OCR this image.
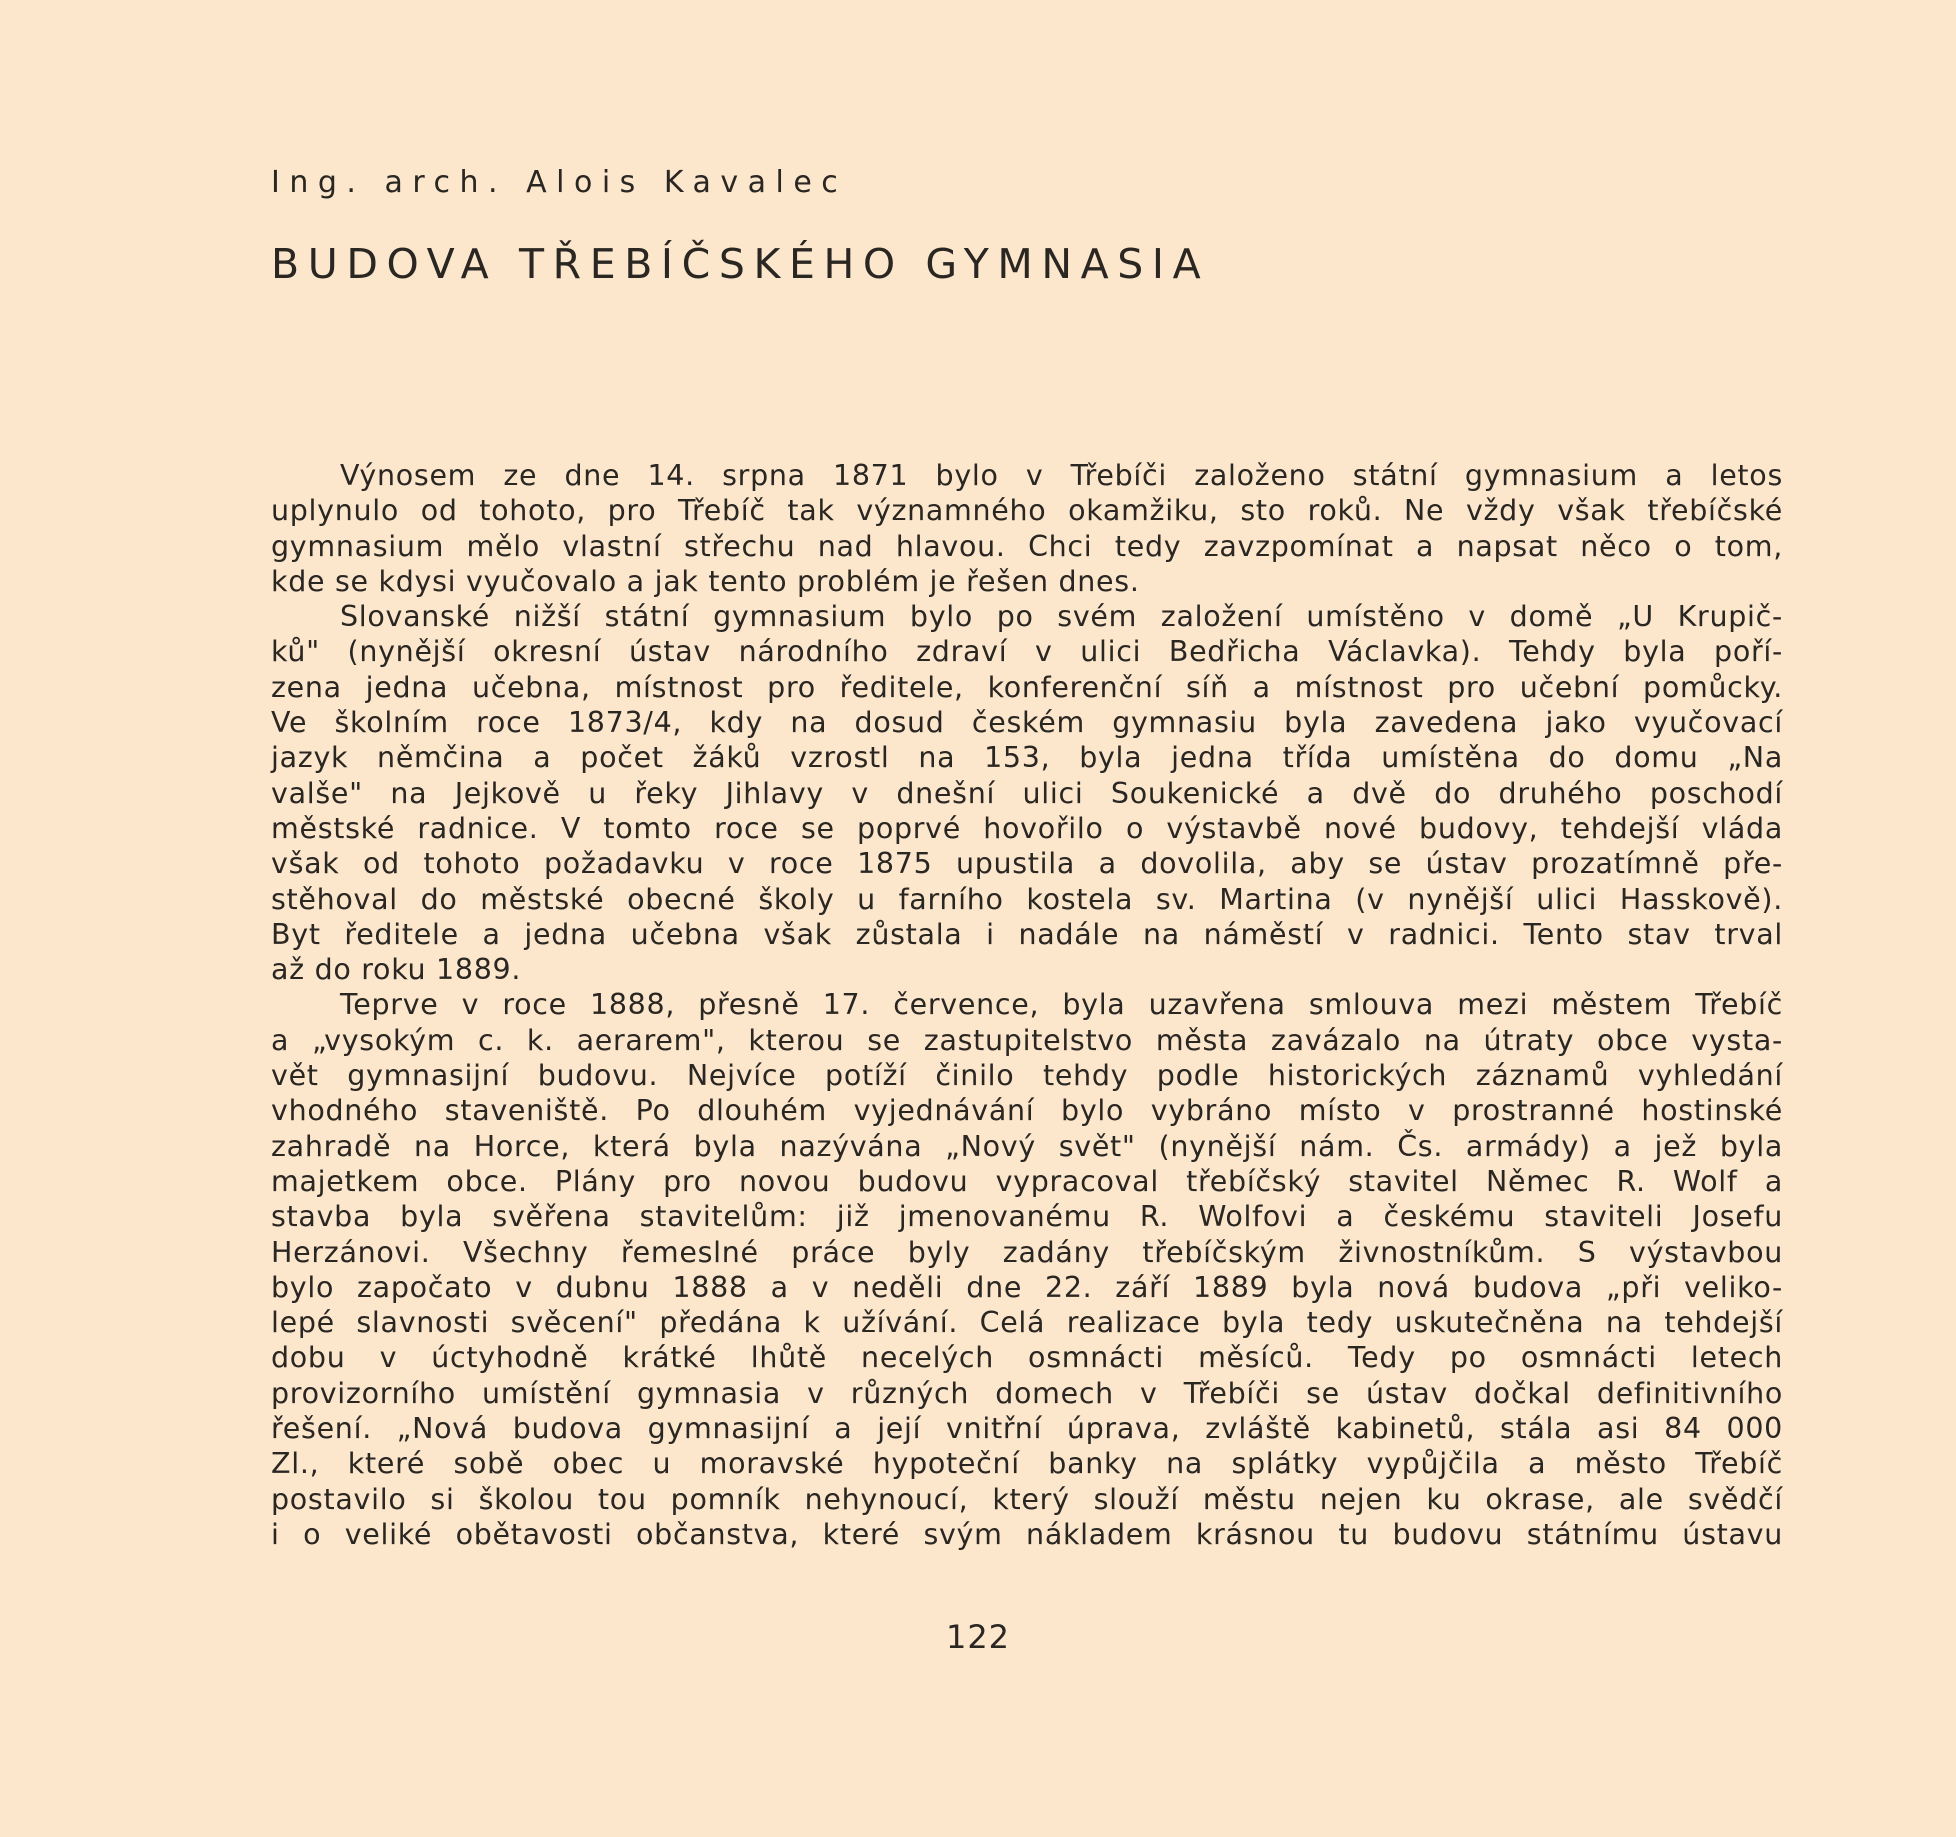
Ing. arch. Alois Kavalec
BUDOVA TŘEBÍČSKÉHO GYMNASIA
Výnosem ze dne 14. srpna 1871 bylo v Třebíči založeno státní gymnasium a letos
uplynulo od tohoto, pro Třebíč tak významného okamžiku, sto roků. Ne vždy však třebíčské
gymnasium mělo vlastní střechu nad hlavou. Chci tedy zavzpomínat a napsat něco o tom,
kde se kdysi vyučovalo a jak tento problém je řešen dnes.
Slovanské nižší státní gymnasium bylo po svém založení umístěno v domě „U Krupič-
ků" (nynější okresní ústav národního zdraví v ulici Bedřicha Václavka). Tehdy byla poří-
zena jedna učebna, místnost pro ředitele, konferenční síň a místnost pro učební pomůcky.
Ve školním roce 1873/4, kdy na dosud českém gymnasiu byla zavedena jako vyučovací
jazyk němčina a počet žáků vzrostl na 153, byla jedna třída umístěna do domu „Na
valše" na Jejkově u řeky Jihlavy v dnešní ulici Soukenické a dvě do druhého poschodí
městské radnice. V tomto roce se poprvé hovořilo o výstavbě nové budovy, tehdejší vláda
však od tohoto požadavku v roce 1875 upustila a dovolila, aby se ústav prozatímně pře-
stěhoval do městské obecné školy u farního kostela sv. Martina (v nynější ulici Hasskově).
Byt ředitele a jedna učebna však zůstala i nadále na náměstí v radnici. Tento stav trval
až do roku 1889.
Teprve v roce 1888, přesně 17. července, byla uzavřena smlouva mezi městem Třebíč
a „vysokým c. k. aerarem", kterou se zastupitelstvo města zavázalo na útraty obce vysta-
vět gymnasijní budovu. Nejvíce potíží činilo tehdy podle historických záznamů vyhledání
vhodného staveniště. Po dlouhém vyjednávání bylo vybráno místo v prostranné hostinské
zahradě na Horce, která byla nazývána „Nový svět" (nynější nám. Čs. armády) a jež byla
majetkem obce. Plány pro novou budovu vypracoval třebíčský stavitel Němec R. Wolf a
stavba byla svěřena stavitelům: již jmenovanému R. Wolfovi a českému staviteli Josefu
Herzánovi. Všechny řemeslné práce byly zadány třebíčským živnostníkům. S výstavbou
bylo započato v dubnu 1888 a v neděli dne 22. září 1889 byla nová budova „při veliko-
lepé slavnosti svěcení" předána k užívání. Celá realizace byla tedy uskutečněna na tehdejší
dobu v úctyhodně krátké lhůtě necelých osmnácti měsíců. Tedy po osmnácti letech
provizorního umístění gymnasia v různých domech v Třebíči se ústav dočkal definitivního
řešení. „Nová budova gymnasijní a její vnitřní úprava, zvláště kabinetů, stála asi 84 000
Zl., které sobě obec u moravské hypoteční banky na splátky vypůjčila a město Třebíč
postavilo si školou tou pomník nehynoucí, který slouží městu nejen ku okrase, ale svědčí
i o veliké obětavosti občanstva, které svým nákladem krásnou tu budovu státnímu ústavu
122
